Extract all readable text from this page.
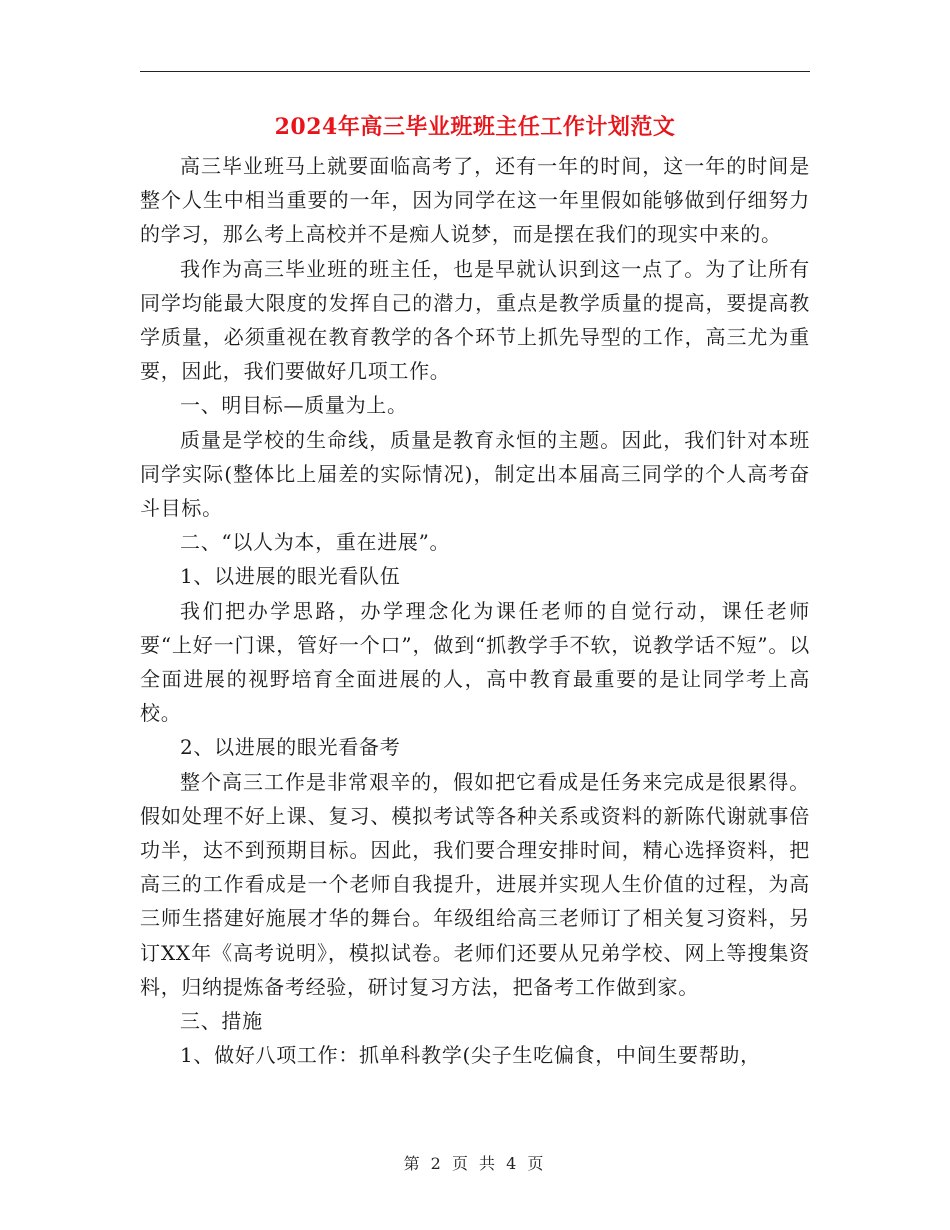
2024年高三毕业班班主任工作计划范文

高三毕业班马上就要面临高考了，还有一年的时间，这一年的时间是整个人生中相当重要的一年，因为同学在这一年里假如能够做到仔细努力的学习，那么考上高校并不是痴人说梦，而是摆在我们的现实中来的。

我作为高三毕业班的班主任，也是早就认识到这一点了。为了让所有同学均能最大限度的发挥自己的潜力，重点是教学质量的提高，要提高教学质量，必须重视在教育教学的各个环节上抓先导型的工作，高三尤为重要，因此，我们要做好几项工作。

一、明目标—质量为上。

质量是学校的生命线，质量是教育永恒的主题。因此，我们针对本班同学实际(整体比上届差的实际情况)，制定出本届高三同学的个人高考奋斗目标。

二、“以人为本，重在进展”。

1、以进展的眼光看队伍

我们把办学思路，办学理念化为课任老师的自觉行动，课任老师要“上好一门课，管好一个口”，做到“抓教学手不软，说教学话不短”。以全面进展的视野培育全面进展的人，高中教育最重要的是让同学考上高校。

2、以进展的眼光看备考

整个高三工作是非常艰辛的，假如把它看成是任务来完成是很累得。假如处理不好上课、复习、模拟考试等各种关系或资料的新陈代谢就事倍功半，达不到预期目标。因此，我们要合理安排时间，精心选择资料，把高三的工作看成是一个老师自我提升，进展并实现人生价值的过程，为高三师生搭建好施展才华的舞台。年级组给高三老师订了相关复习资料，另订XX年《高考说明》，模拟试卷。老师们还要从兄弟学校、网上等搜集资料，归纳提炼备考经验，研讨复习方法，把备考工作做到家。

三、措施

1、做好八项工作：抓单科教学(尖子生吃偏食，中间生要帮助，

第 2 页 共 4 页
